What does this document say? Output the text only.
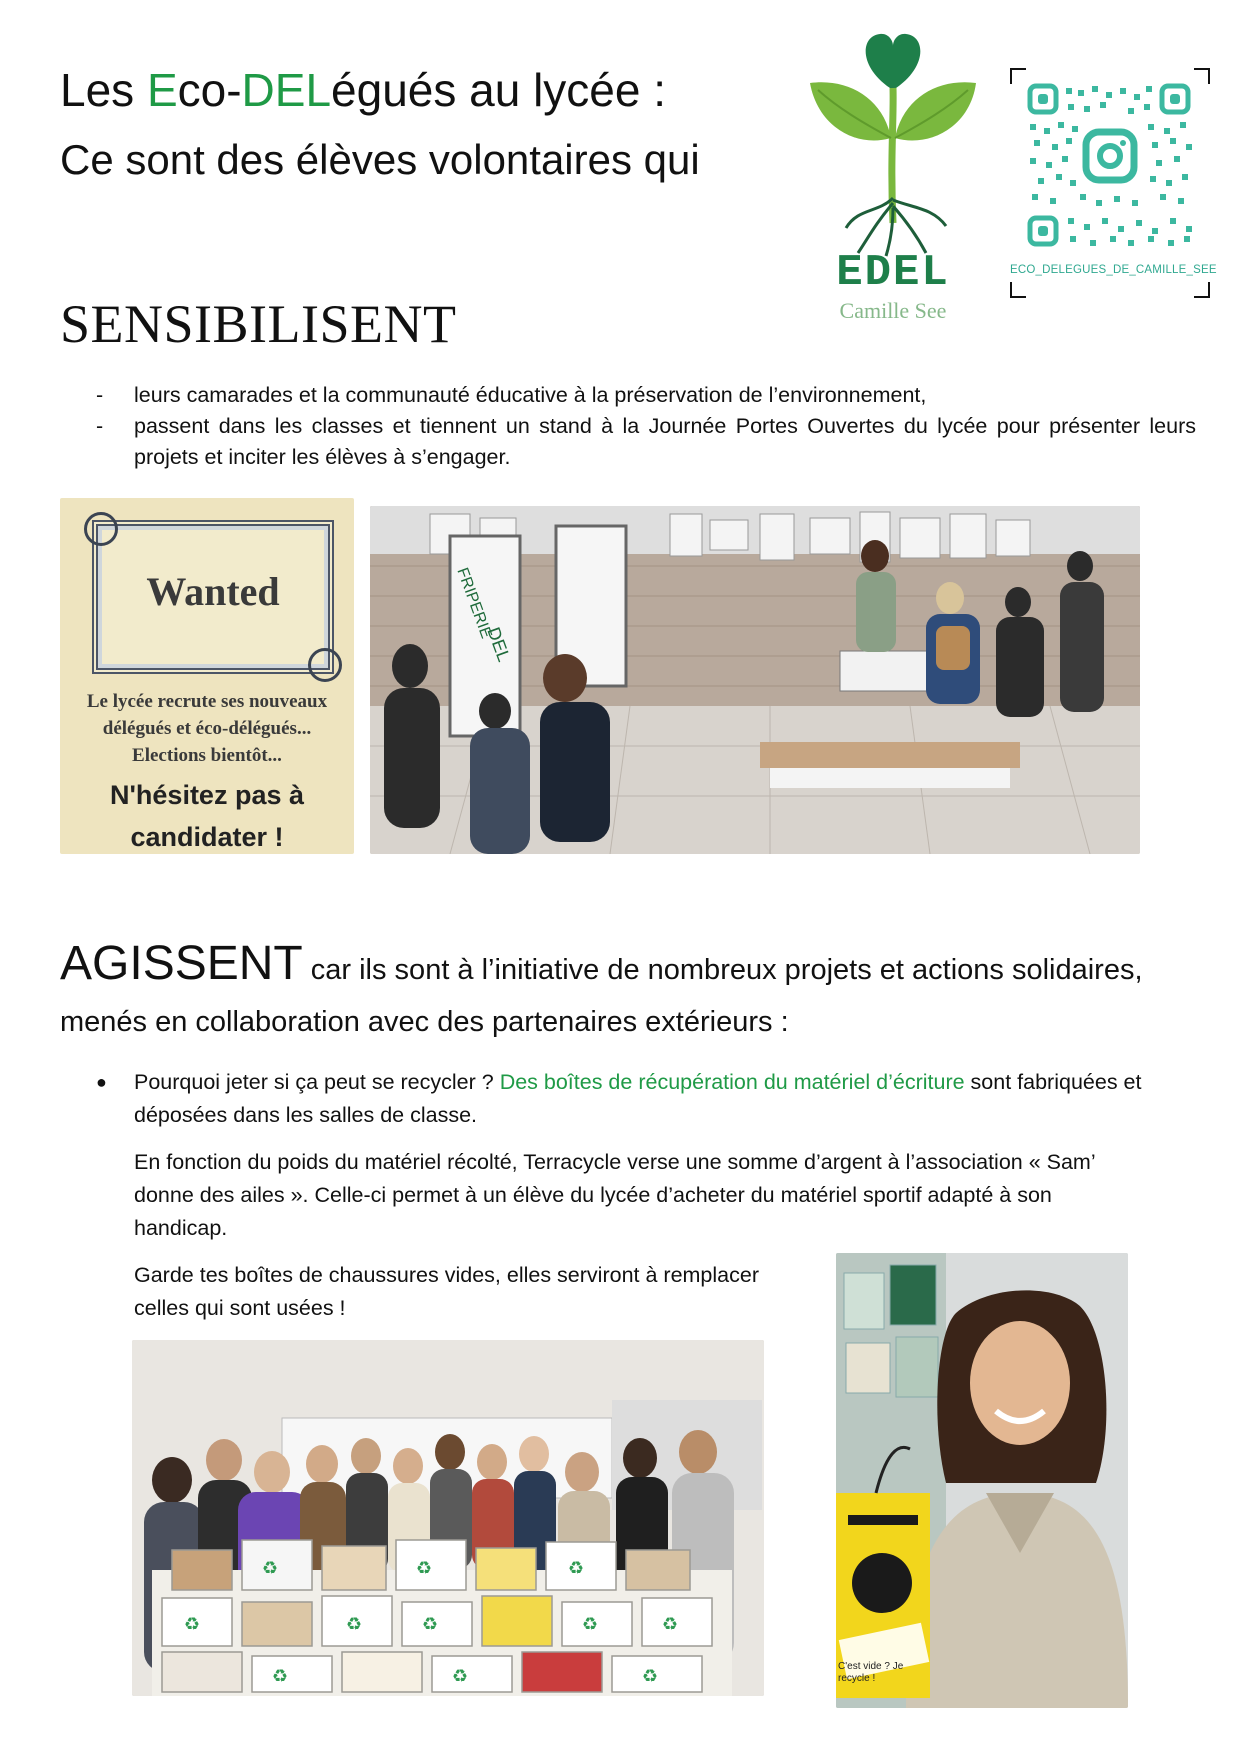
Les Eco-DELégués au lycée :
Ce sont des élèves volontaires qui
EDEL
Camille See
ECO_DELEGUES_DE_CAMILLE_SEE
SENSIBILISENT
-	leurs camarades et la communauté éducative à la préservation de l’environnement,
-	passent dans les classes et tiennent un stand à la Journée Portes Ouvertes du lycée pour présenter leurs projets et inciter les élèves à s’engager.
Wanted
Le lycée recrute ses nouveaux
délégués et éco-délégués...
Elections bientôt...
N'hésitez pas à
candidater !
FRIPERIE
DEL
AGISSENT car ils sont à l’initiative de nombreux projets et actions solidaires,
menés en collaboration avec des partenaires extérieurs :
●	Pourquoi jeter si ça peut se recycler ? Des boîtes de récupération du matériel d’écriture sont fabriquées et déposées dans les salles de classe.
En fonction du poids du matériel récolté, Terracycle verse une somme d’argent à l’association « Sam’ donne des ailes ». Celle-ci permet à un élève du lycée d’acheter du matériel sportif adapté à son handicap.
Garde tes boîtes de chaussures vides, elles serviront à remplacer
celles qui sont usées !
♻	♻	♻
♻	♻	♻	♻	♻
♻	♻	♻	C'est vide ? Je recycle !
